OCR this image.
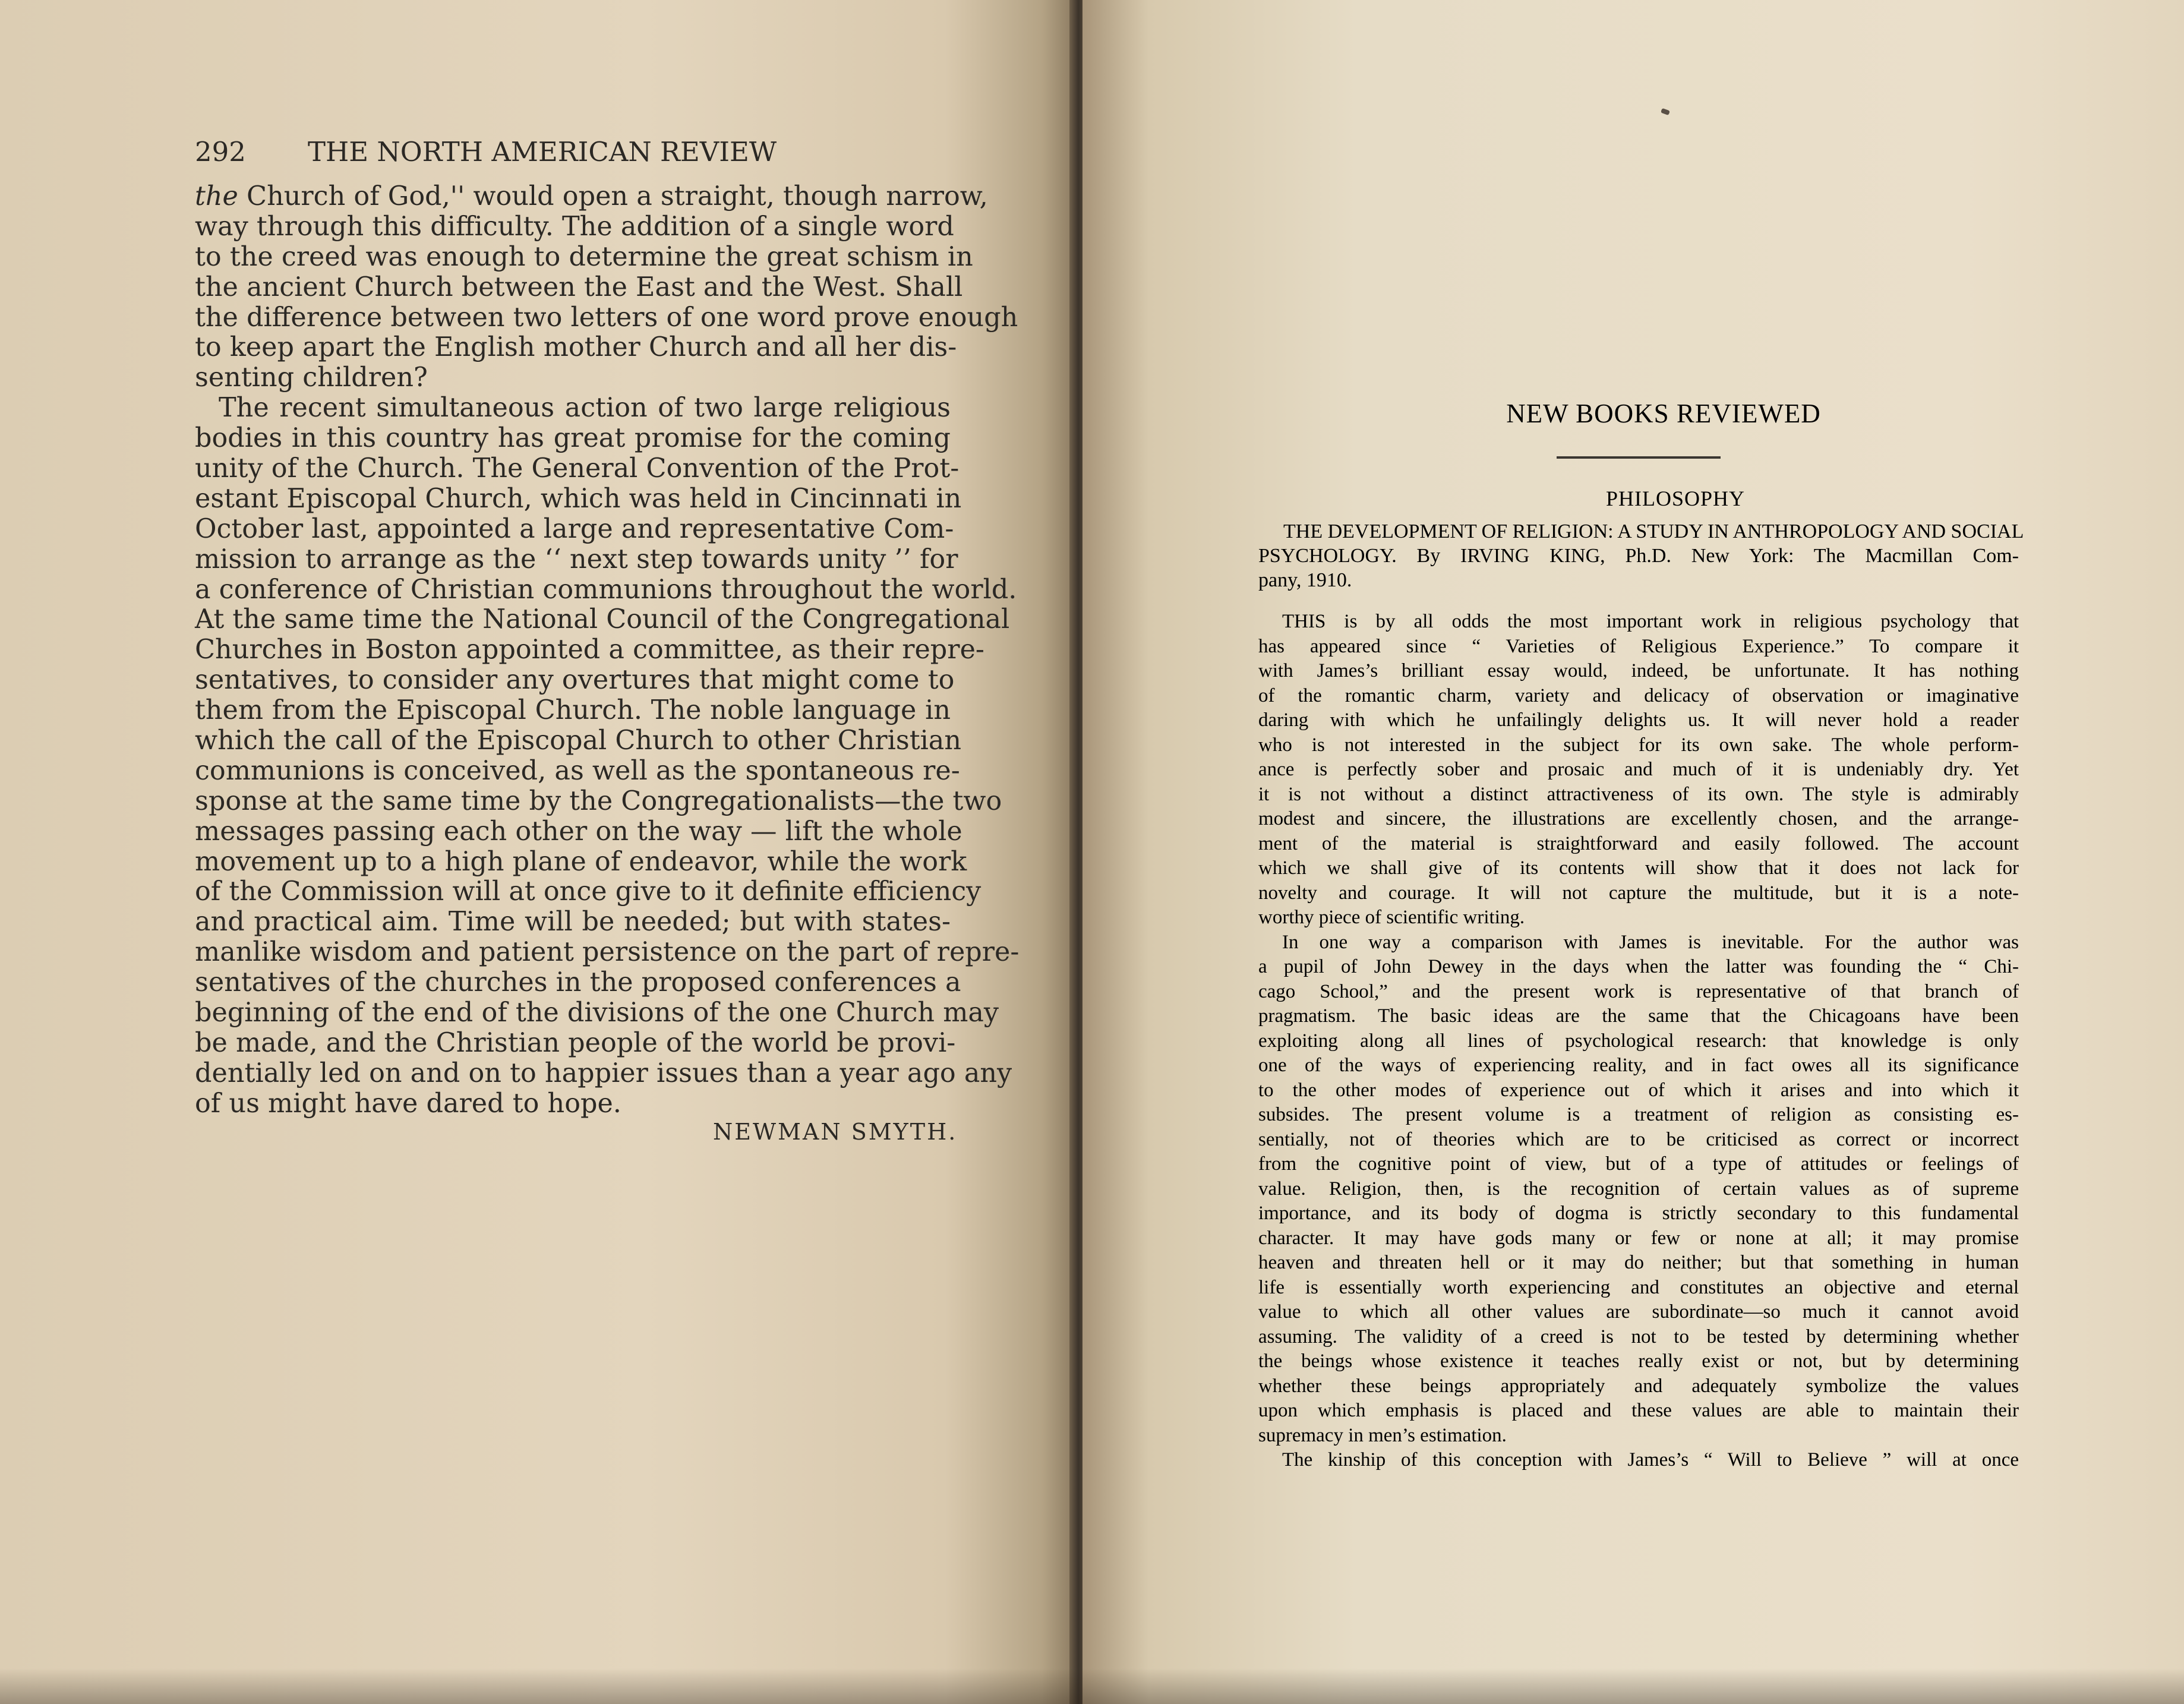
292 THE NORTH AMERICAN REVIEW
the Church of God,'' would open a straight, though narrow,
way through this difficulty. The addition of a single word
to the creed was enough to determine the great schism in
the ancient Church between the East and the West. Shall
the difference between two letters of one word prove enough
to keep apart the English mother Church and all her dis-
senting children?
The recent simultaneous action of two large religious
bodies in this country has great promise for the coming
unity of the Church. The General Convention of the Prot-
estant Episcopal Church, which was held in Cincinnati in
October last, appointed a large and representative Com-
mission to arrange as the ‘‘ next step towards unity ’’ for
a conference of Christian communions throughout the world.
At the same time the National Council of the Congregational
Churches in Boston appointed a committee, as their repre-
sentatives, to consider any overtures that might come to
them from the Episcopal Church. The noble language in
which the call of the Episcopal Church to other Christian
communions is conceived, as well as the spontaneous re-
sponse at the same time by the Congregationalists—the two
messages passing each other on the way — lift the whole
movement up to a high plane of endeavor, while the work
of the Commission will at once give to it definite efficiency
and practical aim. Time will be needed; but with states-
manlike wisdom and patient persistence on the part of repre-
sentatives of the churches in the proposed conferences a
beginning of the end of the divisions of the one Church may
be made, and the Christian people of the world be provi-
dentially led on and on to happier issues than a year ago any
of us might have dared to hope.
NEWMAN SMYTH.
NEW BOOKS REVIEWED
PHILOSOPHY
THE DEVELOPMENT OF RELIGION: A STUDY IN ANTHROPOLOGY AND SOCIAL
PSYCHOLOGY. By IRVING KING, Ph.D. New York: The Macmillan Com-
pany, 1910.
THIS is by all odds the most important work in religious psychology that
has appeared since “ Varieties of Religious Experience.” To compare it
with James’s brilliant essay would, indeed, be unfortunate. It has nothing
of the romantic charm, variety and delicacy of observation or imaginative
daring with which he unfailingly delights us. It will never hold a reader
who is not interested in the subject for its own sake. The whole perform-
ance is perfectly sober and prosaic and much of it is undeniably dry. Yet
it is not without a distinct attractiveness of its own. The style is admirably
modest and sincere, the illustrations are excellently chosen, and the arrange-
ment of the material is straightforward and easily followed. The account
which we shall give of its contents will show that it does not lack for
novelty and courage. It will not capture the multitude, but it is a note-
worthy piece of scientific writing.
In one way a comparison with James is inevitable. For the author was
a pupil of John Dewey in the days when the latter was founding the “ Chi-
cago School,” and the present work is representative of that branch of
pragmatism. The basic ideas are the same that the Chicagoans have been
exploiting along all lines of psychological research: that knowledge is only
one of the ways of experiencing reality, and in fact owes all its significance
to the other modes of experience out of which it arises and into which it
subsides. The present volume is a treatment of religion as consisting es-
sentially, not of theories which are to be criticised as correct or incorrect
from the cognitive point of view, but of a type of attitudes or feelings of
value. Religion, then, is the recognition of certain values as of supreme
importance, and its body of dogma is strictly secondary to this fundamental
character. It may have gods many or few or none at all; it may promise
heaven and threaten hell or it may do neither; but that something in human
life is essentially worth experiencing and constitutes an objective and eternal
value to which all other values are subordinate—so much it cannot avoid
assuming. The validity of a creed is not to be tested by determining whether
the beings whose existence it teaches really exist or not, but by determining
whether these beings appropriately and adequately symbolize the values
upon which emphasis is placed and these values are able to maintain their
supremacy in men’s estimation.
The kinship of this conception with James’s “ Will to Believe ” will at once
